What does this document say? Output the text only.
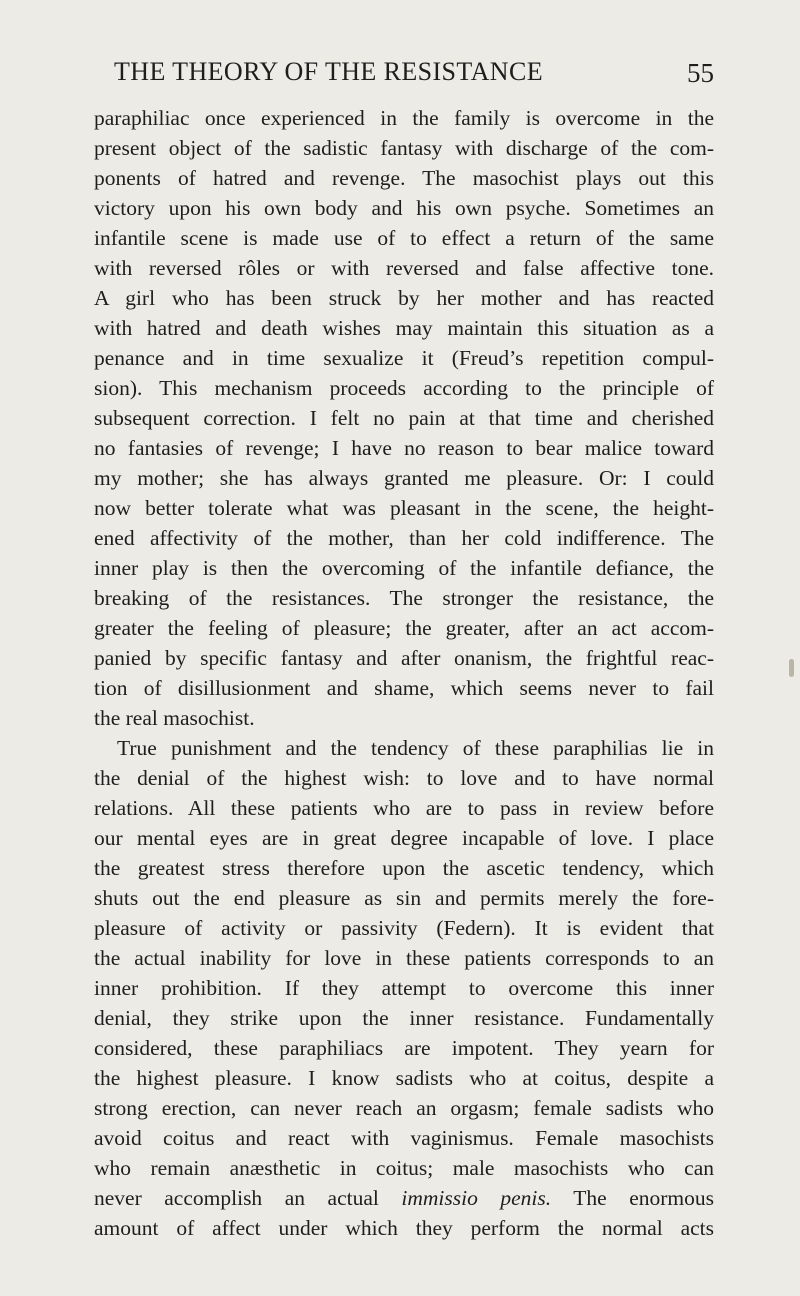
THE THEORY OF THE RESISTANCE	55
paraphiliac once experienced in the family is overcome in the
present object of the sadistic fantasy with discharge of the com-
ponents of hatred and revenge. The masochist plays out this
victory upon his own body and his own psyche. Sometimes an
infantile scene is made use of to effect a return of the same
with reversed rôles or with reversed and false affective tone.
A girl who has been struck by her mother and has reacted
with hatred and death wishes may maintain this situation as a
penance and in time sexualize it (Freud’s repetition compul-
sion). This mechanism proceeds according to the principle of
subsequent correction. I felt no pain at that time and cherished
no fantasies of revenge; I have no reason to bear malice toward
my mother; she has always granted me pleasure. Or: I could
now better tolerate what was pleasant in the scene, the height-
ened affectivity of the mother, than her cold indifference. The
inner play is then the overcoming of the infantile defiance, the
breaking of the resistances. The stronger the resistance, the
greater the feeling of pleasure; the greater, after an act accom-
panied by specific fantasy and after onanism, the frightful reac-
tion of disillusionment and shame, which seems never to fail
the real masochist.
True punishment and the tendency of these paraphilias lie in
the denial of the highest wish: to love and to have normal
relations. All these patients who are to pass in review before
our mental eyes are in great degree incapable of love. I place
the greatest stress therefore upon the ascetic tendency, which
shuts out the end pleasure as sin and permits merely the fore-
pleasure of activity or passivity (Federn). It is evident that
the actual inability for love in these patients corresponds to an
inner prohibition. If they attempt to overcome this inner
denial, they strike upon the inner resistance. Fundamentally
considered, these paraphiliacs are impotent. They yearn for
the highest pleasure. I know sadists who at coitus, despite a
strong erection, can never reach an orgasm; female sadists who
avoid coitus and react with vaginismus. Female masochists
who remain anæsthetic in coitus; male masochists who can
never accomplish an actual immissio penis. The enormous
amount of affect under which they perform the normal acts
